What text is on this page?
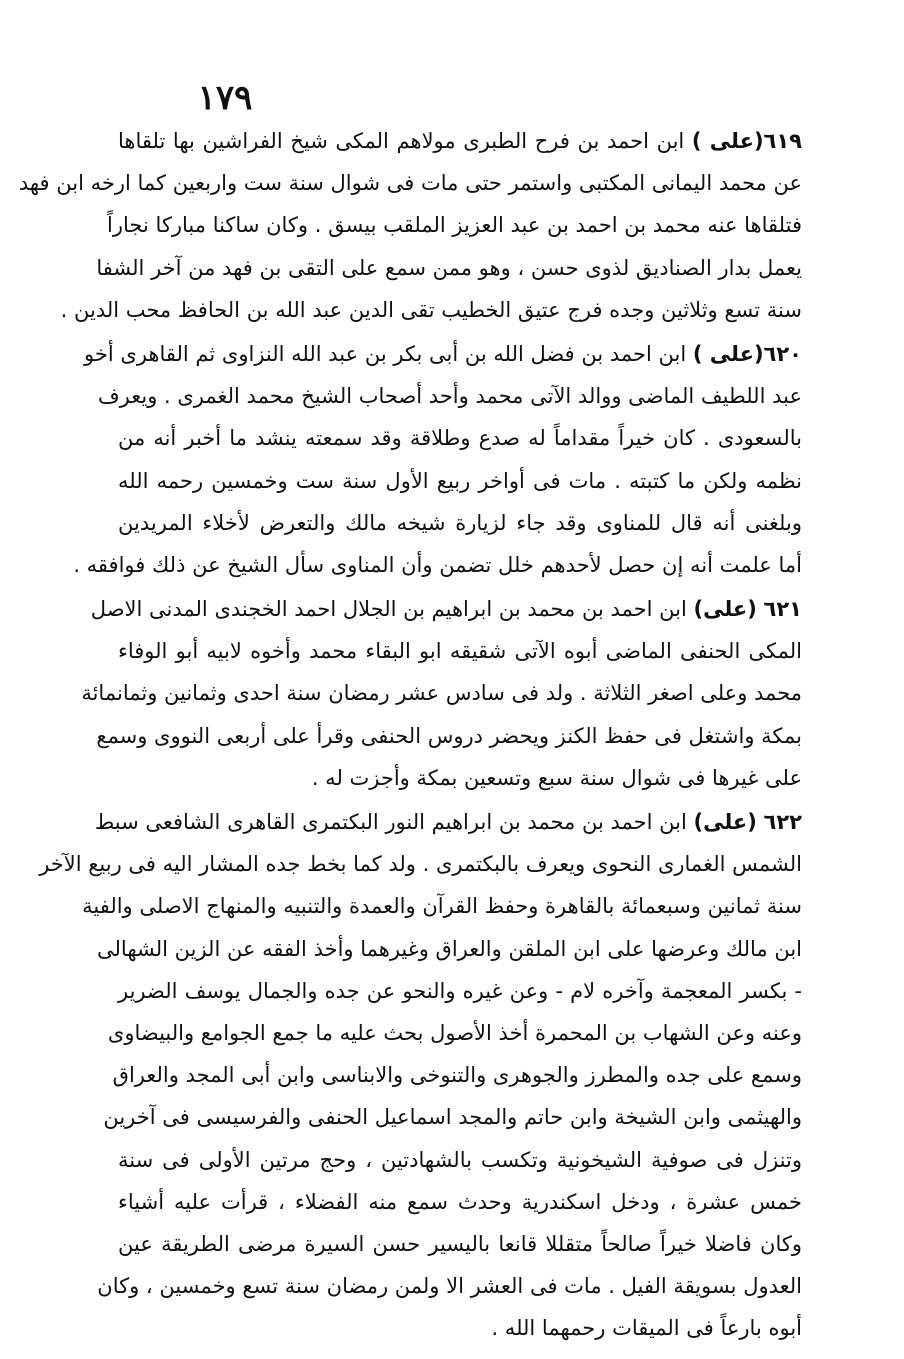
١٧٩
٦١٩(على ) ابن احمد بن فرح الطبرى مولاهم المكى شيخ الفراشين بها تلقاها
عن محمد اليمانى المكتبى واستمر حتى مات فى شوال سنة ست واربعين كما ارخه ابن فهد
فتلقاها عنه محمد بن احمد بن عبد العزيز الملقب بيسق . وكان ساكنا مباركا نجاراً
يعمل بدار الصناديق لذوى حسن ، وهو ممن سمع على التقى بن فهد من آخر الشفا
سنة تسع وثلاثين وجده فرج عتيق الخطيب تقى الدين عبد الله بن الحافظ محب الدين .
٦٢٠(على ) ابن احمد بن فضل الله بن أبى بكر بن عبد الله النزاوى ثم القاهرى أخو
عبد اللطيف الماضى ووالد الآتى محمد وأحد أصحاب الشيخ محمد الغمرى . ويعرف
بالسعودى . كان خيراً مقداماً له صدع وطلاقة وقد سمعته ينشد ما أخبر أنه من
نظمه ولكن ما كتبته . مات فى أواخر ربيع الأول سنة ست وخمسين رحمه الله
وبلغنى أنه قال للمناوى وقد جاء لزيارة شيخه مالك والتعرض لأخلاء المريدين
أما علمت أنه إن حصل لأحدهم خلل تضمن وأن المناوى سأل الشيخ عن ذلك فوافقه .
٦٢١ (على) ابن احمد بن محمد بن ابراهيم بن الجلال احمد الخجندى المدنى الاصل
المكى الحنفى الماضى أبوه الآتى شقيقه ابو البقاء محمد وأخوه لابيه أبو الوفاء
محمد وعلى اصغر الثلاثة . ولد فى سادس عشر رمضان سنة احدى وثمانين وثمانمائة
بمكة واشتغل فى حفظ الكنز ويحضر دروس الحنفى وقرأ على أربعى النووى وسمع
على غيرها فى شوال سنة سبع وتسعين بمكة وأجزت له .
٦٢٢ (على) ابن احمد بن محمد بن ابراهيم النور البكتمرى القاهرى الشافعى سبط
الشمس الغمارى النحوى ويعرف بالبكتمرى . ولد كما بخط جده المشار اليه فى ربيع الآخر
سنة ثمانين وسبعمائة بالقاهرة وحفظ القرآن والعمدة والتنبيه والمنهاج الاصلى والفية
ابن مالك وعرضها على ابن الملقن والعراق وغيرهما وأخذ الفقه عن الزين الشهالى
- بكسر المعجمة وآخره لام - وعن غيره والنحو عن جده والجمال يوسف الضرير
وعنه وعن الشهاب بن المحمرة أخذ الأصول بحث عليه ما جمع الجوامع والبيضاوى
وسمع على جده والمطرز والجوهرى والتنوخى والابناسى وابن أبى المجد والعراق
والهيثمى وابن الشيخة وابن حاتم والمجد اسماعيل الحنفى والفرسيسى فى آخرين
وتنزل فى صوفية الشيخونية وتكسب بالشهادتين ، وحج مرتين الأولى فى سنة
خمس عشرة ، ودخل اسكندرية وحدث سمع منه الفضلاء ، قرأت عليه أشياء
وكان فاضلا خيراً صالحاً متقللا قانعا باليسير حسن السيرة مرضى الطريقة عين
العدول بسويقة الفيل . مات فى العشر الا ولمن رمضان سنة تسع وخمسين ، وكان
أبوه بارعاً فى الميقات رحمهما الله .
